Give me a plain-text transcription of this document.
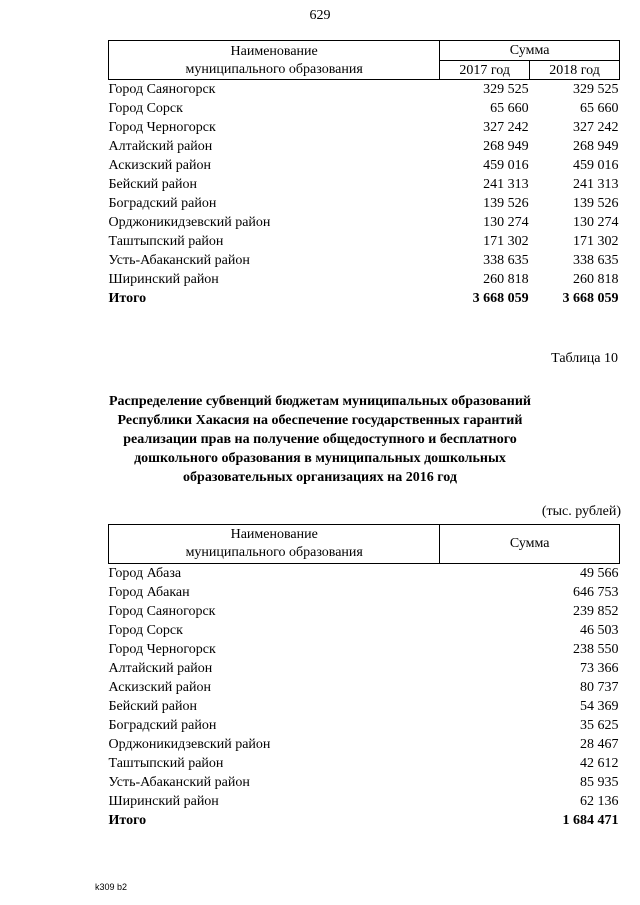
629
Наименование
муниципального образования	Сумма	
	2017 год	2018 год
Город Саяногорск	329 525	329 525
Город Сорск	65 660	65 660
Город Черногорск	327 242	327 242
Алтайский район	268 949	268 949
Аскизский район	459 016	459 016
Бейский район	241 313	241 313
Боградский район	139 526	139 526
Орджоникидзевский район	130 274	130 274
Таштыпский район	171 302	171 302
Усть-Абаканский район	338 635	338 635
Ширинский район	260 818	260 818
Итого	3 668 059	3 668 059
Таблица 10
Распределение субвенций бюджетам муниципальных образований
Республики Хакасия на обеспечение государственных гарантий
реализации прав на получение общедоступного и бесплатного
дошкольного образования в муниципальных дошкольных
образовательных организациях на 2016 год
(тыс. рублей)
Наименование
муниципального образования	Сумма
Город Абаза	49 566
Город Абакан	646 753
Город Саяногорск	239 852
Город Сорск	46 503
Город Черногорск	238 550
Алтайский район	73 366
Аскизский район	80 737
Бейский район	54 369
Боградский район	35 625
Орджоникидзевский район	28 467
Таштыпский район	42 612
Усть-Абаканский район	85 935
Ширинский район	62 136
Итого	1 684 471
k309 b2
